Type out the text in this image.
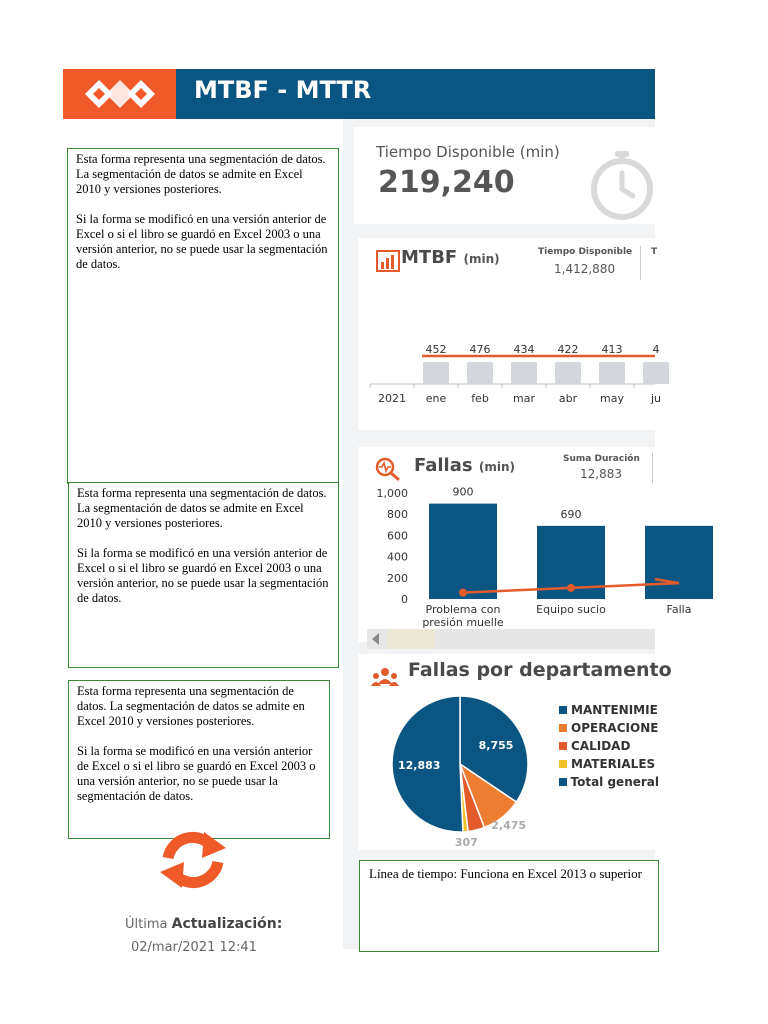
MTBF - MTTR

Esta forma representa una segmentación de datos. La segmentación de datos se admite en Excel 2010 y versiones posteriores.

Si la forma se modificó en una versión anterior de Excel o si el libro se guardó en Excel 2003 o una versión anterior, no se puede usar la segmentación de datos.

Esta forma representa una segmentación de datos. La segmentación de datos se admite en Excel 2010 y versiones posteriores.

Si la forma se modificó en una versión anterior de Excel o si el libro se guardó en Excel 2003 o una versión anterior, no se puede usar la segmentación de datos.

Esta forma representa una segmentación de datos. La segmentación de datos se admite en Excel 2010 y versiones posteriores.

Si la forma se modificó en una versión anterior de Excel o si el libro se guardó en Excel 2003 o una versión anterior, no se puede usar la segmentación de datos.

Tiempo Disponible (min)
219,240
MTBF (min)	Tiempo Disponible
1,412,880
T
2021 ene
452
feb
476
mar
434
abr
422
may
413
ju
4
Fallas (min)
Suma Duración
12,883
0
200
400
600
800
1,000	900
Problema con
presión muelle
690
Equipo sucio	Falla
Fallas por departamento
8,755
2,475
307
12,883
MANTENIMIE
OPERACIONE
CALIDAD
MATERIALES
Total general
Línea de tiempo: Funciona en Excel 2013 o superior
Última Actualización:
02/mar/2021 12:41
